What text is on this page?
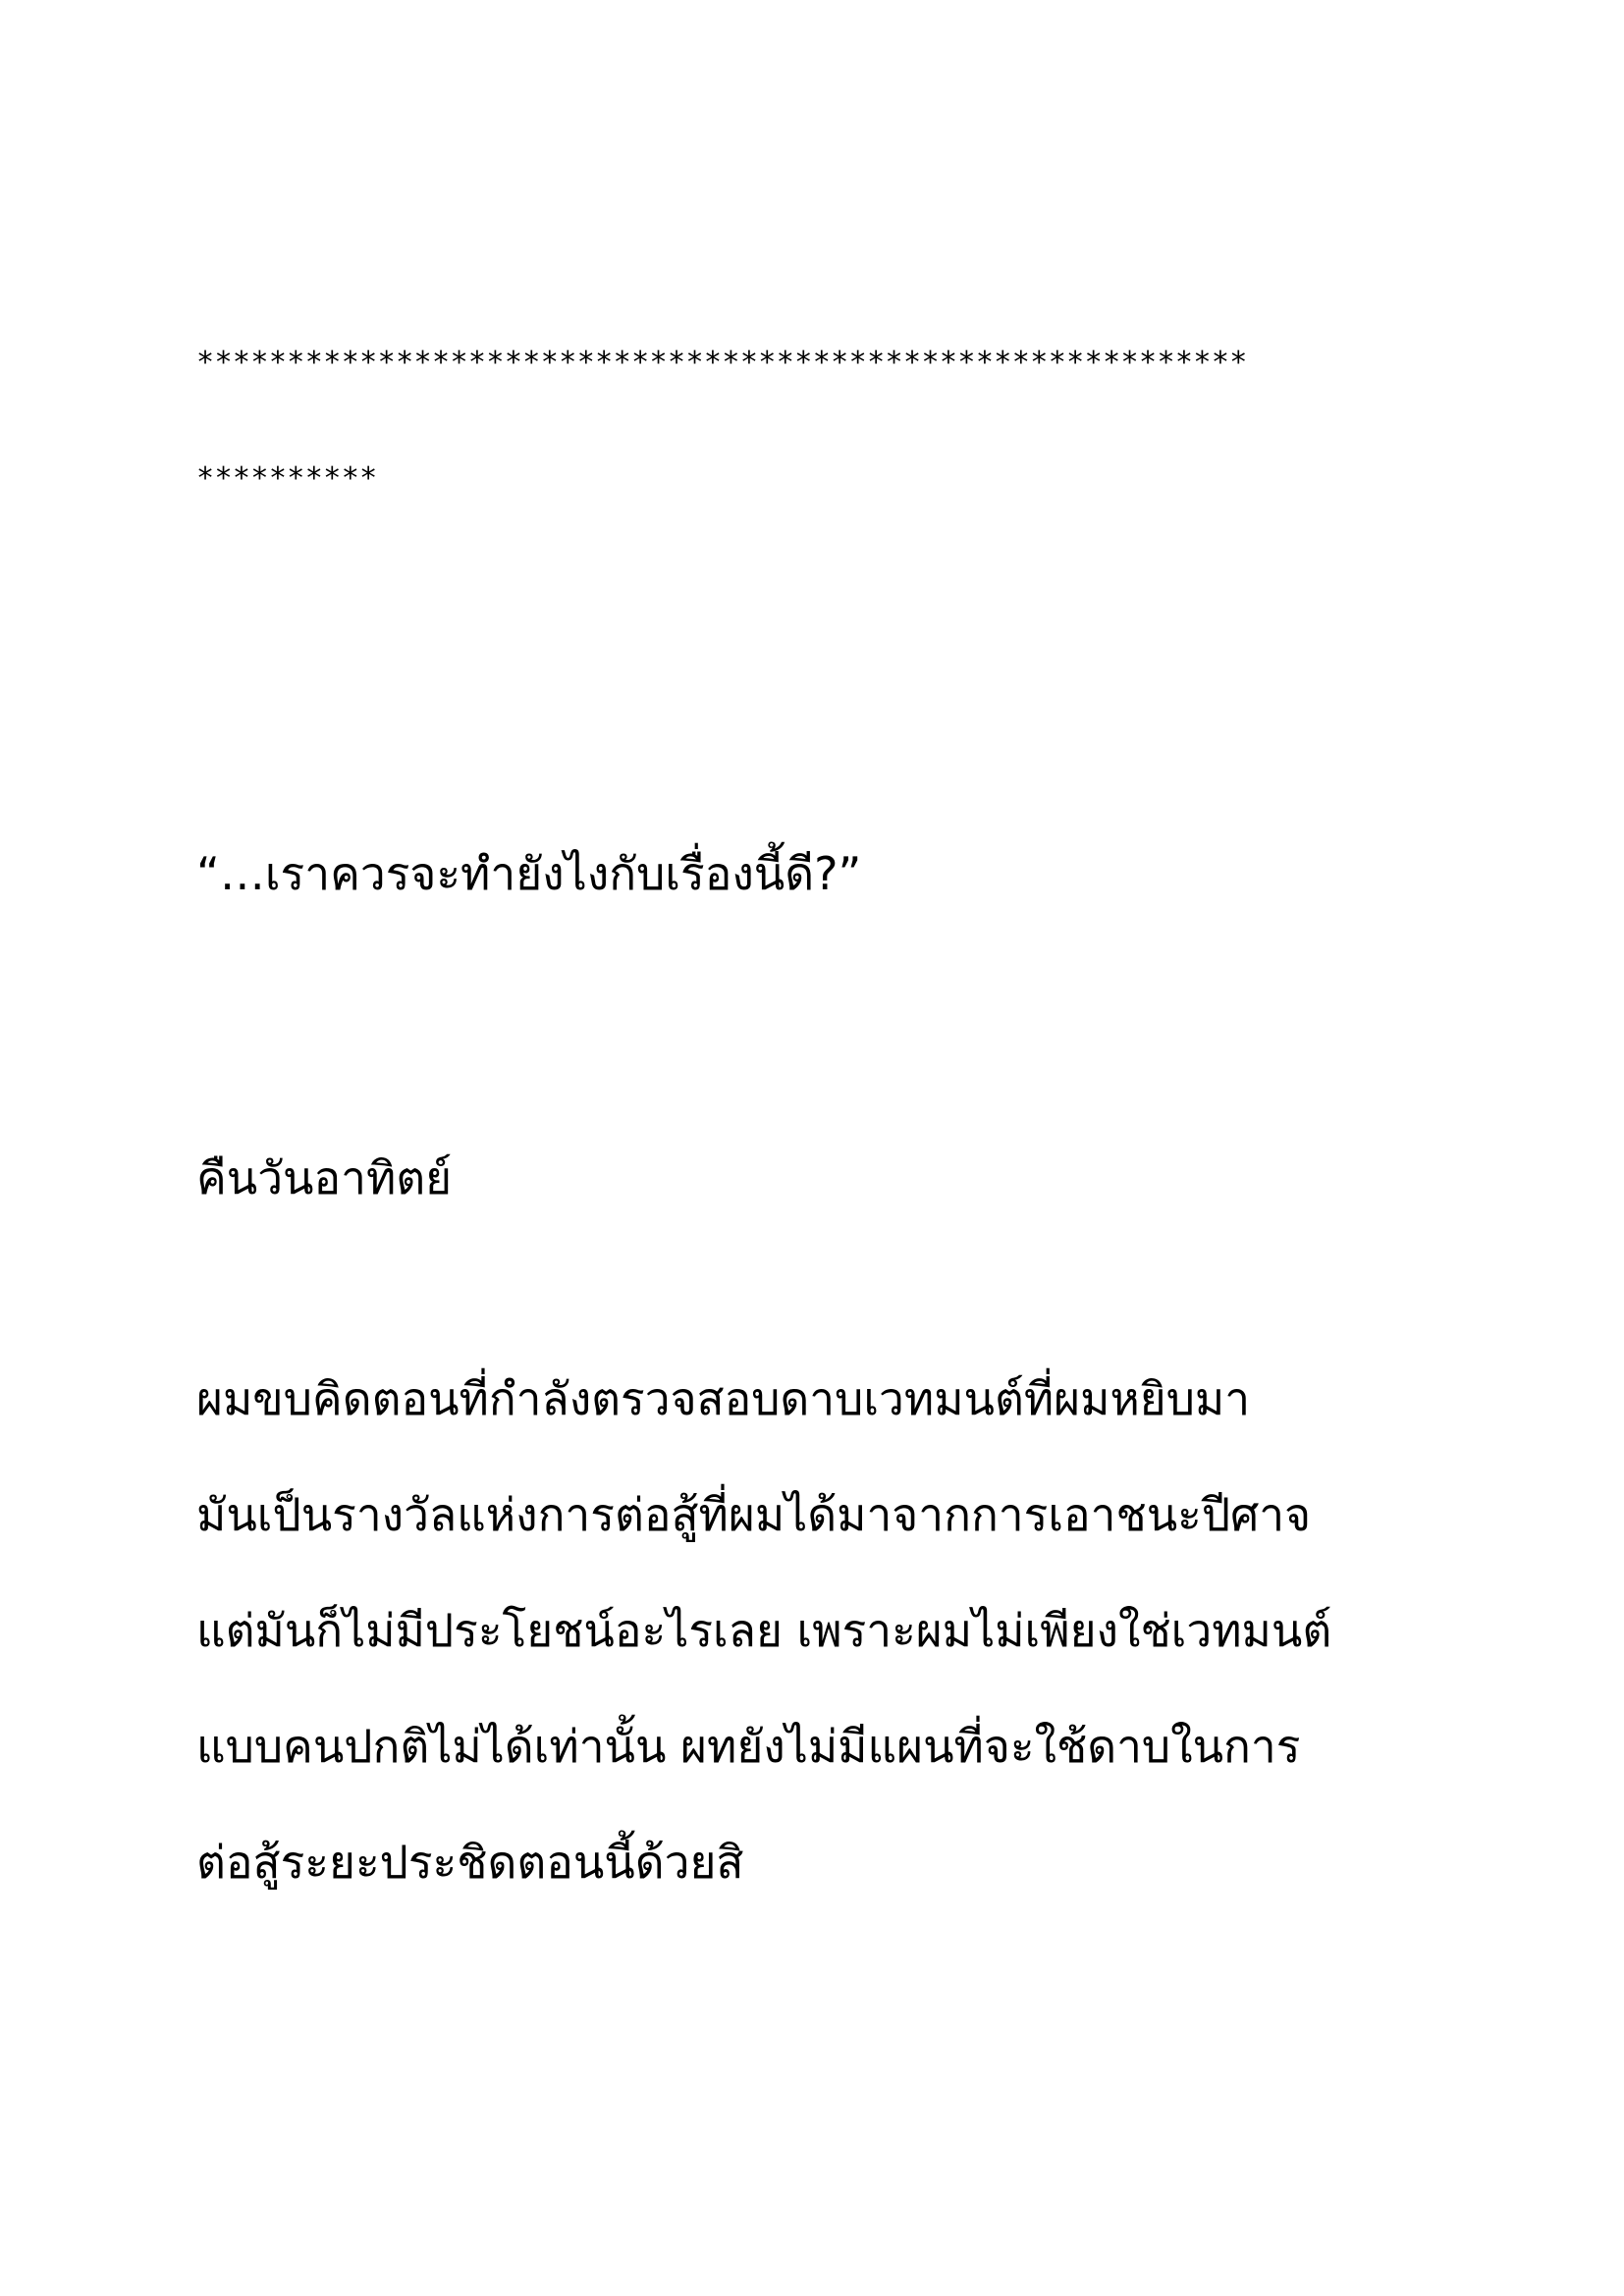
**********************************************************

**********

“…เราควรจะทำยังไงกับเรื่องนี้ดี?”

คืนวันอาทิตย์

ผมขบคิดตอนที่กำลังตรวจสอบดาบเวทมนต์ที่ผมหยิบมา

มันเป็นรางวัลแห่งการต่อสู้ที่ผมได้มาจากการเอาชนะปีศาจ

แต่มันก็ไม่มีประโยชน์อะไรเลย เพราะผมไม่เพียงใช่เวทมนต์

แบบคนปกติไม่ได้เท่านั้น ผทยังไม่มีแผนที่จะใช้ดาบในการ

ต่อสู้ระยะประชิดตอนนี้ด้วยสิ
